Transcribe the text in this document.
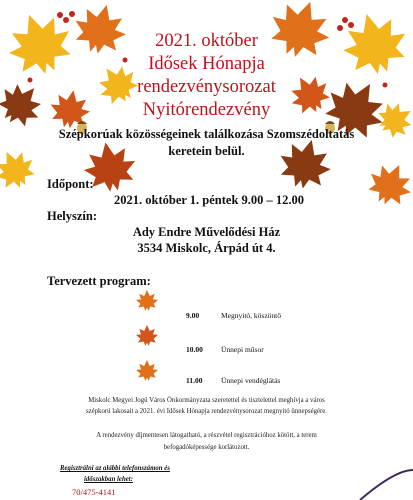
2021. október
Idősek Hónapja
rendezvénysorozat
Nyitórendezvény
Szépkorúak közösségeinek találkozása Szomszédoltatás
keretein belül.
Időpont:
2021. október 1. péntek 9.00 – 12.00
Helyszín:
Ady Endre Művelődési Ház
3534 Miskolc, Árpád út 4.
Tervezett program:
9.00	Megnyitó, köszöntő
10.00 Ünnepi műsor
11.00 Ünnepi vendéglátás
Miskolc Megyei Jogú Város Önkormányzata szeretettel és tisztelettel meghívja a város
szépkorú lakosait a 2021. évi Idősek Hónapja rendezvénysorozat megnyitó ünnepségére.
A rendezvény díjmentesen látogatható, a részvétel regisztrációhoz kötött, a terem
befogadóképessége korlátozott.
Regisztrálni az alábbi telefonszámon és
időszakban lehet:
70/475-4141
